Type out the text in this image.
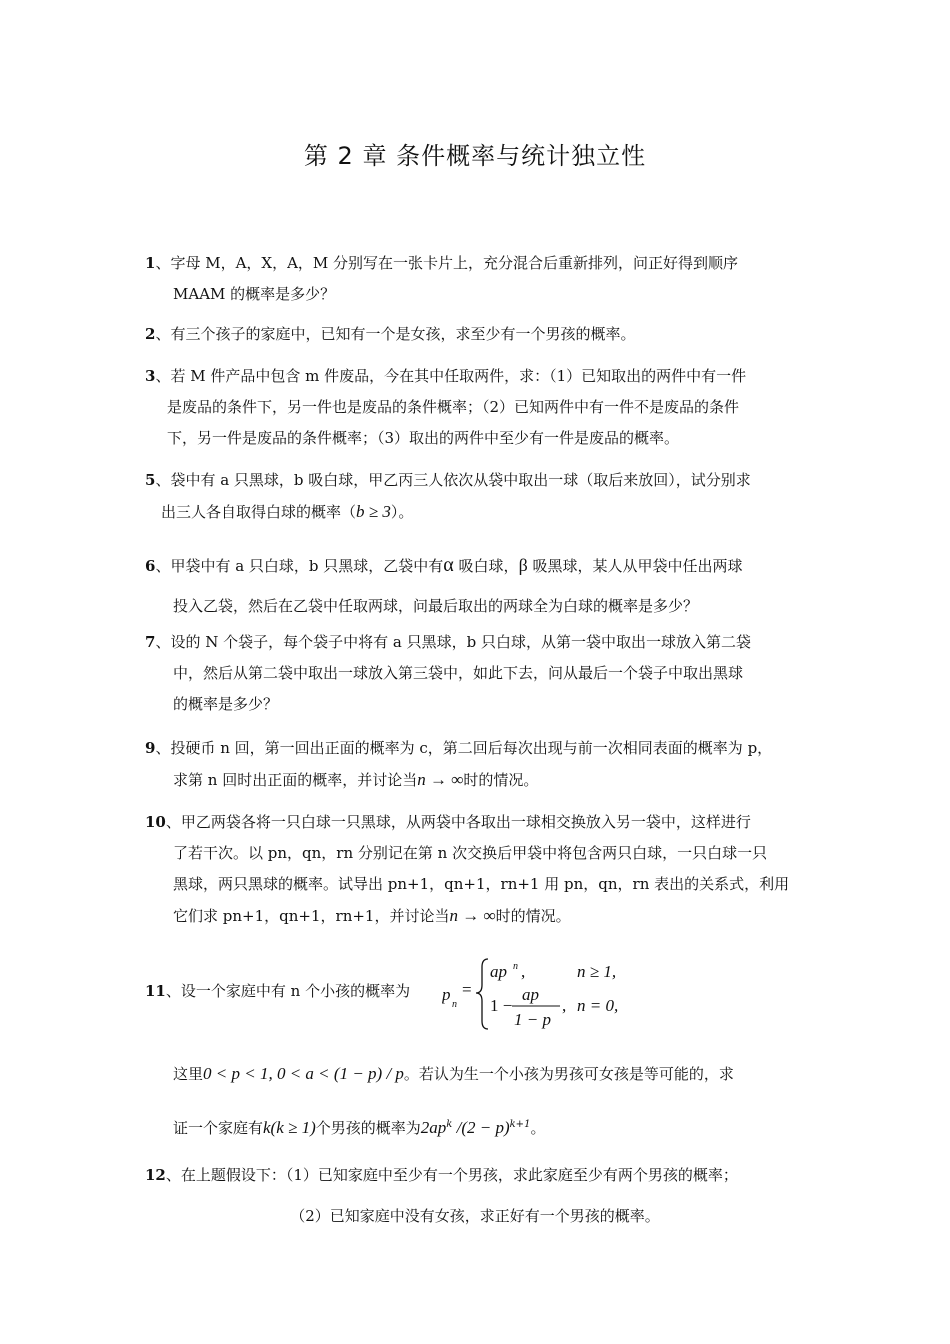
第 2 章 条件概率与统计独立性
1、字母 M，A，X，A，M 分别写在一张卡片上，充分混合后重新排列，问正好得到顺序
MAAM 的概率是多少？
2、有三个孩子的家庭中，已知有一个是女孩，求至少有一个男孩的概率。
3、若 M 件产品中包含 m 件废品，今在其中任取两件，求：（1）已知取出的两件中有一件
是废品的条件下，另一件也是废品的条件概率；（2）已知两件中有一件不是废品的条件
下，另一件是废品的条件概率；（3）取出的两件中至少有一件是废品的概率。
5、袋中有 a 只黑球，b 吸白球，甲乙丙三人依次从袋中取出一球（取后来放回），试分别求
出三人各自取得白球的概率（b ≥ 3）。
6、甲袋中有 a 只白球，b 只黑球，乙袋中有α 吸白球，β 吸黑球，某人从甲袋中任出两球
投入乙袋，然后在乙袋中任取两球，问最后取出的两球全为白球的概率是多少？
7、设的 N 个袋子，每个袋子中将有 a 只黑球，b 只白球，从第一袋中取出一球放入第二袋
中，然后从第二袋中取出一球放入第三袋中，如此下去，问从最后一个袋子中取出黑球
的概率是多少？
9、投硬币 n 回，第一回出正面的概率为 c，第二回后每次出现与前一次相同表面的概率为 p，
求第 n 回时出正面的概率，并讨论当n → ∞时的情况。
10、甲乙两袋各将一只白球一只黑球，从两袋中各取出一球相交换放入另一袋中，这样进行
了若干次。以 pn，qn，rn 分别记在第 n 次交换后甲袋中将包含两只白球，一只白球一只
黑球，两只黑球的概率。试导出 pn+1，qn+1，rn+1 用 pn，qn，rn 表出的关系式，利用
它们求 pn+1，qn+1，rn+1，并讨论当n → ∞时的情况。
11、设一个家庭中有 n 个小孩的概率为 p
n
=
ap n ,	n ≥ 1,
1 −
ap
1 − p
, n = 0,
这里0 < p < 1, 0 < a < (1 − p) / p。若认为生一个小孩为男孩可女孩是等可能的，求
证一个家庭有k(k ≥ 1)个男孩的概率为$2ap^k$ $/(2 - p)^{k+1}$。
12、在上题假设下：（1）已知家庭中至少有一个男孩，求此家庭至少有两个男孩的概率；
（2）已知家庭中没有女孩，求正好有一个男孩的概率。
